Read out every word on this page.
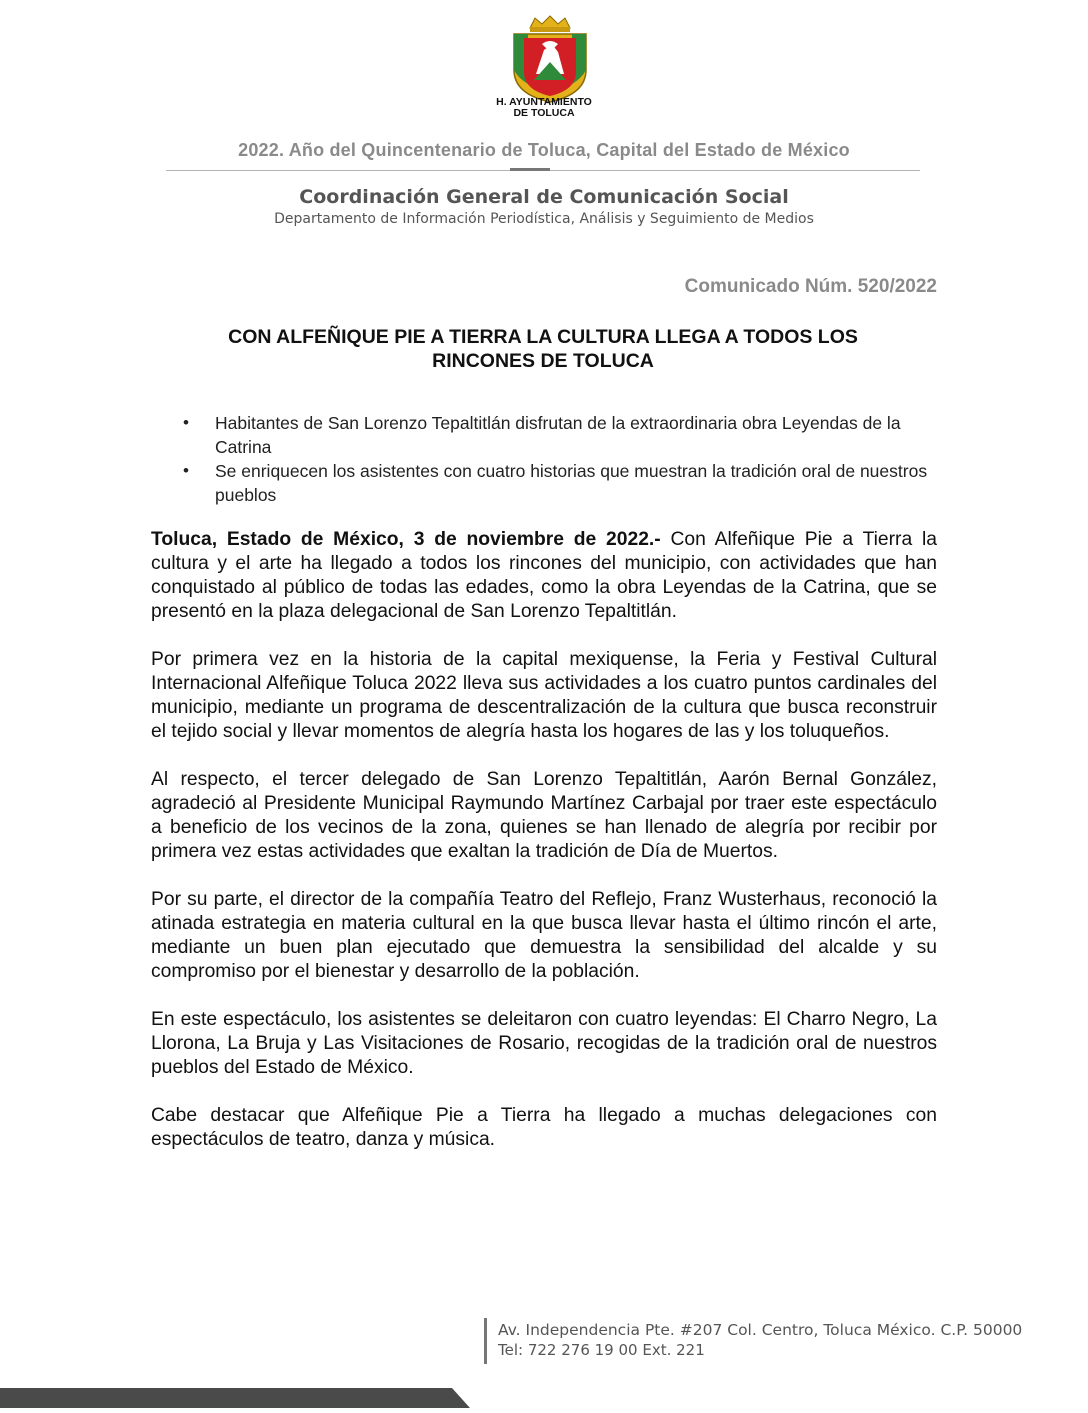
H. AYUNTAMIENTO
DE TOLUCA
2022. Año del Quincentenario de Toluca, Capital del Estado de México
Coordinación General de Comunicación Social
Departamento de Información Periodística, Análisis y Seguimiento de Medios
Comunicado Núm. 520/2022
CON ALFEÑIQUE PIE A TIERRA LA CULTURA LLEGA A TODOS LOS
RINCONES DE TOLUCA
• Habitantes de San Lorenzo Tepaltitlán disfrutan de la extraordinaria obra Leyendas de la Catrina
• Se enriquecen los asistentes con cuatro historias que muestran la tradición oral de nuestros pueblos

Toluca, Estado de México, 3 de noviembre de 2022.- Con Alfeñique Pie a Tierra la cultura y el arte ha llegado a todos los rincones del municipio, con actividades que han conquistado al público de todas las edades, como la obra Leyendas de la Catrina, que se presentó en la plaza delegacional de San Lorenzo Tepaltitlán.

Por primera vez en la historia de la capital mexiquense, la Feria y Festival Cultural Internacional Alfeñique Toluca 2022 lleva sus actividades a los cuatro puntos cardinales del municipio, mediante un programa de descentralización de la cultura que busca reconstruir el tejido social y llevar momentos de alegría hasta los hogares de las y los toluqueños.

Al respecto, el tercer delegado de San Lorenzo Tepaltitlán, Aarón Bernal González, agradeció al Presidente Municipal Raymundo Martínez Carbajal por traer este espectáculo a beneficio de los vecinos de la zona, quienes se han llenado de alegría por recibir por primera vez estas actividades que exaltan la tradición de Día de Muertos.

Por su parte, el director de la compañía Teatro del Reflejo, Franz Wusterhaus, reconoció la atinada estrategia en materia cultural en la que busca llevar hasta el último rincón el arte, mediante un buen plan ejecutado que demuestra la sensibilidad del alcalde y su compromiso por el bienestar y desarrollo de la población.

En este espectáculo, los asistentes se deleitaron con cuatro leyendas: El Charro Negro, La Llorona, La Bruja y Las Visitaciones de Rosario, recogidas de la tradición oral de nuestros pueblos del Estado de México.

Cabe destacar que Alfeñique Pie a Tierra ha llegado a muchas delegaciones con espectáculos de teatro, danza y música.

Av. Independencia Pte. #207 Col. Centro, Toluca México. C.P. 50000
Tel: 722 276 19 00 Ext. 221
